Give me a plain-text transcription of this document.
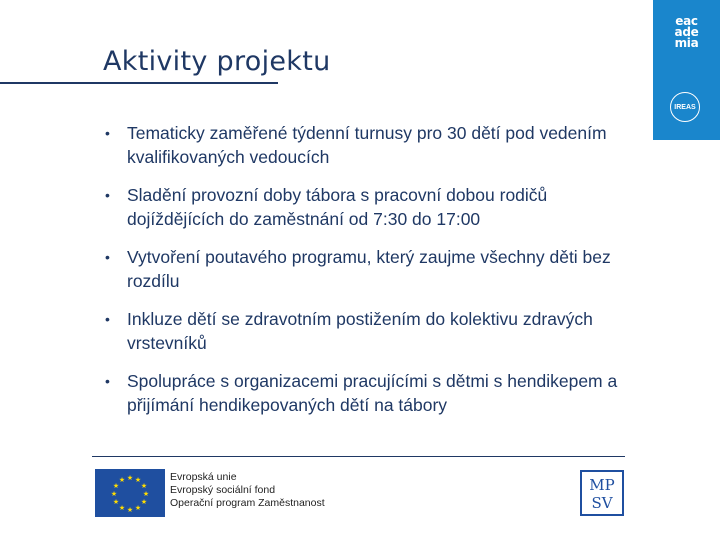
Aktivity projektu
eac
ade
mia
IREAS
• Tematicky zaměřené týdenní turnusy pro 30 dětí pod vedením kvalifikovaných vedoucích
• Sladění provozní doby tábora s pracovní dobou rodičů dojíždějících do zaměstnání od 7:30 do 17:00
• Vytvoření poutavého programu, který zaujme všechny děti bez rozdílu
• Inkluze dětí se zdravotním postižením do kolektivu zdravých vrstevníků
• Spolupráce s organizacemi pracujícími s dětmi s hendikepem a přijímání hendikepovaných dětí na tábory
★ ★
★
★
★
★
★
★
★
★
★
★	Evropská unie
Evropský sociální fond
Operační program Zaměstnanost
MP
SV
